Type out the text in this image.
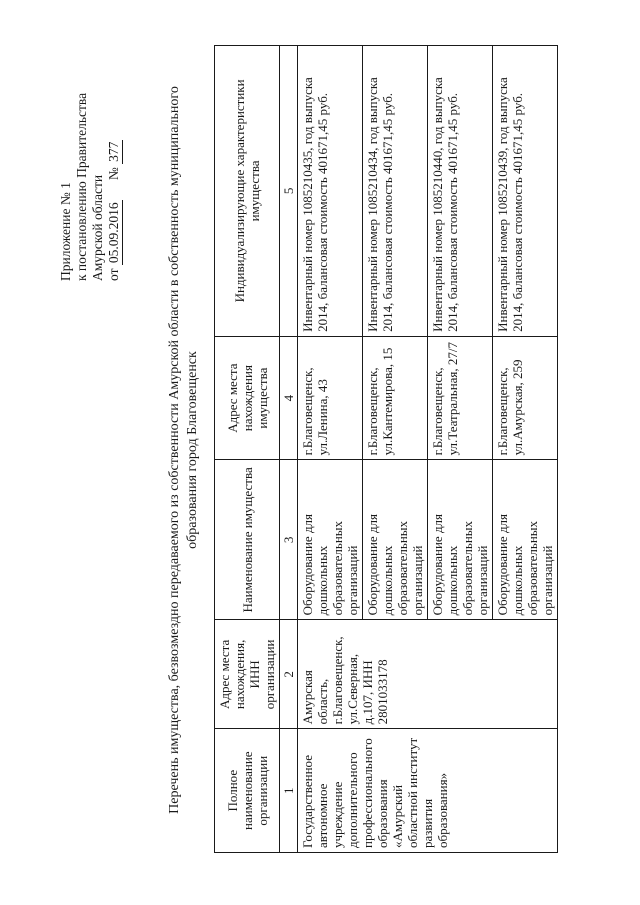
Приложение № 1 к постановлению Правительства Амурской области от 05.09.2016      № 377	Перечень имущества, безвозмездно передаваемого из собственности Амурской области в собственность муниципального образования город Благовещенск
Полное наименование организации	Адрес места нахождения, ИНН организации	Наименование имущества	Адрес места нахождения имущества	Индивидуализирующие характеристики имущества
1	2	3	4	5
Государственное автономное учреждение дополнительного профессионального образования «Амурский областной институт развития образования»	Амурская область, г.Благовещенск, ул.Северная, д.107, ИНН 2801033178	Оборудование для дошкольных образовательных организаций	г.Благовещенск, ул.Ленина, 43	Инвентарный номер 1085210435, год выпуска 2014, балансовая стоимость 401671,45 руб.
		Оборудование для дошкольных образовательных организаций	г.Благовещенск, ул.Кантемирова, 15	Инвентарный номер 1085210434, год выпуска 2014, балансовая стоимость 401671,45 руб.
		Оборудование для дошкольных образовательных организаций	г.Благовещенск, ул.Театральная, 27/7	Инвентарный номер 1085210440, год выпуска 2014, балансовая стоимость 401671,45 руб.
		Оборудование для дошкольных образовательных организаций	г.Благовещенск, ул.Амурская, 259	Инвентарный номер 1085210439, год выпуска 2014, балансовая стоимость 401671,45 руб.
